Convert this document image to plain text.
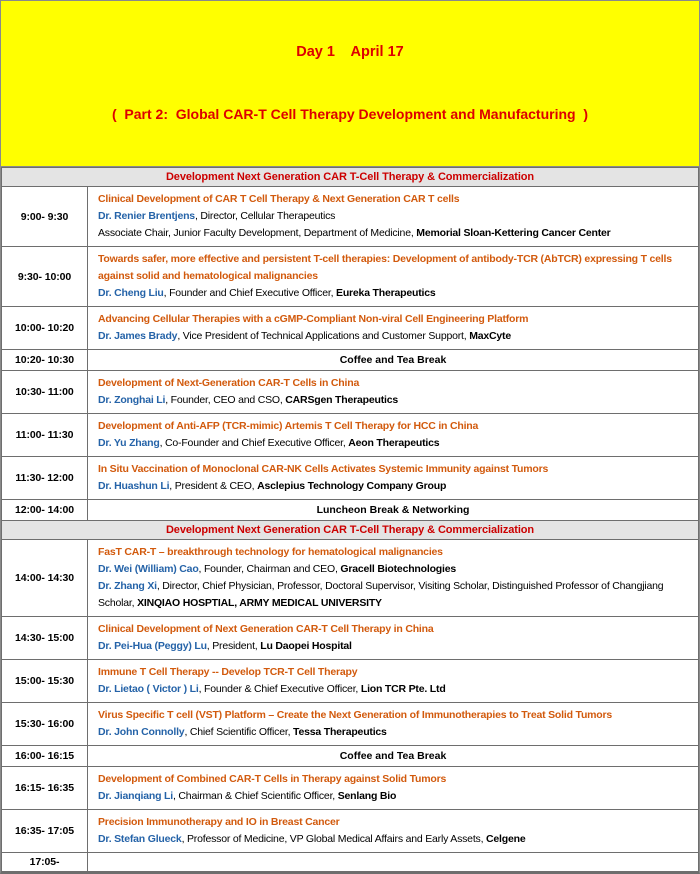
Day 1    April 17

(  Part 2:  Global CAR-T Cell Therapy Development and Manufacturing  )

Development Next Generation CAR T-Cell Therapy & Commercialization	
9:00- 9:30	Clinical Development of CAR T Cell Therapy & Next Generation CAR T cells
Dr. Renier Brentjens, Director, Cellular Therapeutics
Associate Chair, Junior Faculty Development, Department of Medicine, Memorial Sloan-Kettering Cancer Center

9:30- 10:00	Towards safer, more effective and persistent T-cell therapies: Development of antibody-TCR (AbTCR) expressing T cells against solid and hematological malignancies
Dr. Cheng Liu, Founder and Chief Executive Officer, Eureka Therapeutics

10:00- 10:20	Advancing Cellular Therapies with a cGMP-Compliant Non-viral Cell Engineering Platform
Dr. James Brady, Vice President of Technical Applications and Customer Support, MaxCyte

10:20- 10:30	Coffee and Tea Break
10:30- 11:00	Development of Next-Generation CAR-T Cells in China
Dr. Zonghai Li, Founder, CEO and CSO, CARSgen Therapeutics

11:00- 11:30	Development of Anti-AFP (TCR-mimic) Artemis T Cell Therapy for HCC in China
Dr. Yu Zhang, Co-Founder and Chief Executive Officer, Aeon Therapeutics

11:30- 12:00	In Situ Vaccination of Monoclonal CAR-NK Cells Activates Systemic Immunity against Tumors
Dr. Huashun Li, President & CEO, Asclepius Technology Company Group

12:00- 14:00	Luncheon Break & Networking
Development Next Generation CAR T-Cell Therapy & Commercialization	
14:00- 14:30	FasT CAR-T – breakthrough technology for hematological malignancies
Dr. Wei (William) Cao, Founder, Chairman and CEO, Gracell Biotechnologies
Dr. Zhang Xi, Director, Chief Physician, Professor, Doctoral Supervisor, Visiting Scholar, Distinguished Professor of Changjiang Scholar, XINQIAO HOSPTIAL, ARMY MEDICAL UNIVERSITY

14:30- 15:00	Clinical Development of Next Generation CAR-T Cell Therapy in China
Dr. Pei-Hua (Peggy) Lu, President, Lu Daopei Hospital

15:00- 15:30	Immune T Cell Therapy -- Develop TCR-T Cell Therapy
Dr. Lietao ( Victor ) Li, Founder & Chief Executive Officer, Lion TCR Pte. Ltd

15:30- 16:00	Virus Specific T cell (VST) Platform – Create the Next Generation of Immunotherapies to Treat Solid Tumors
Dr. John Connolly, Chief Scientific Officer, Tessa Therapeutics

16:00- 16:15	Coffee and Tea Break
16:15- 16:35	Development of Combined CAR-T Cells in Therapy against Solid Tumors
Dr. Jianqiang Li, Chairman & Chief Scientific Officer, Senlang Bio

16:35- 17:05	Precision Immunotherapy and IO in Breast Cancer
Dr. Stefan Glueck, Professor of Medicine, VP Global Medical Affairs and Early Assets, Celgene

17:05-	
